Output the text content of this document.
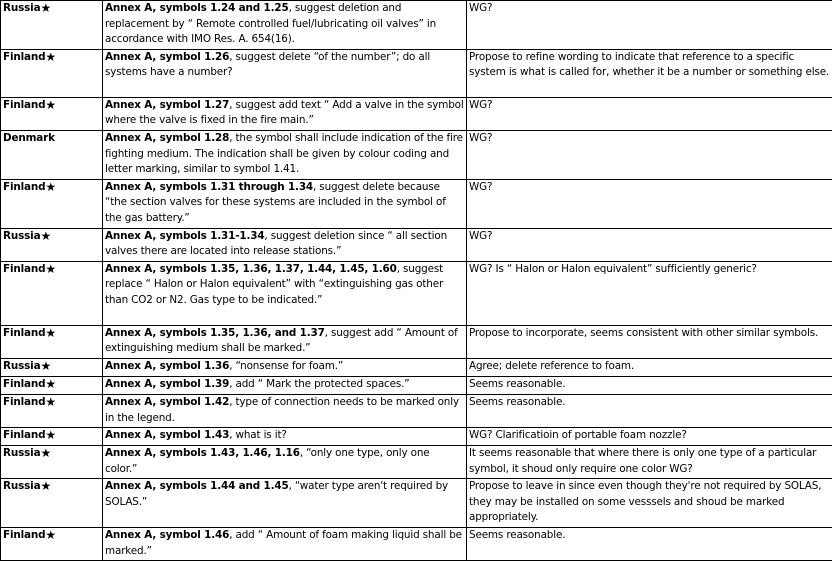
Russia★	Annex A, symbols 1.24 and 1.25, suggest deletion and replacement by “ Remote controlled fuel/lubricating oil valves” in accordance with IMO Res. A. 654(16).	WG?
Finland★	Annex A, symbol 1.26, suggest delete “of the number”; do all systems have a number?	Propose to refine wording to indicate that reference to a specific system is what is called for, whether it be a number or something else.
Finland★	Annex A, symbol 1.27, suggest add text “ Add a valve in the symbol where the valve is fixed in the fire main.”	WG?
Denmark	Annex A, symbol 1.28, the symbol shall include indication of the fire fighting medium. The indication shall be given by colour coding and letter marking, similar to symbol 1.41.	WG?
Finland★	Annex A, symbols 1.31 through 1.34, suggest delete because “the section valves for these systems are included in the symbol of the gas battery.”	WG?
Russia★	Annex A, symbols 1.31-1.34, suggest deletion since “ all section valves there are located into release stations.”	WG?
Finland★	Annex A, symbols 1.35, 1.36, 1.37, 1.44, 1.45, 1.60, suggest replace “ Halon or Halon equivalent” with “extinguishing gas other than CO2 or N2. Gas type to be indicated.”	WG? Is “ Halon or Halon equivalent” sufficiently generic?
Finland★	Annex A, symbols 1.35, 1.36, and 1.37, suggest add “ Amount of extinguishing medium shall be marked.”	Propose to incorporate, seems consistent with other similar symbols.
Russia★	Annex A, symbol 1.36, “nonsense for foam.”	Agree; delete reference to foam.
Finland★	Annex A, symbol 1.39, add “ Mark the protected spaces.”	Seems reasonable.
Finland★	Annex A, symbol 1.42, type of connection needs to be marked only in the legend.	Seems reasonable.
Finland★	Annex A, symbol 1.43, what is it?	WG? Clarificatioin of portable foam nozzle?
Russia★	Annex A, symbols 1.43, 1.46, 1.16, “only one type, only one color.”	It seems reasonable that where there is only one type of a particular symbol, it shoud only require one color WG?
Russia★	Annex A, symbols 1.44 and 1.45, “water type aren't required by SOLAS.”	Propose to leave in since even though they're not required by SOLAS, they may be installed on some vesssels and shoud be marked appropriately.
Finland★	Annex A, symbol 1.46, add “ Amount of foam making liquid shall be marked.”	Seems reasonable.
